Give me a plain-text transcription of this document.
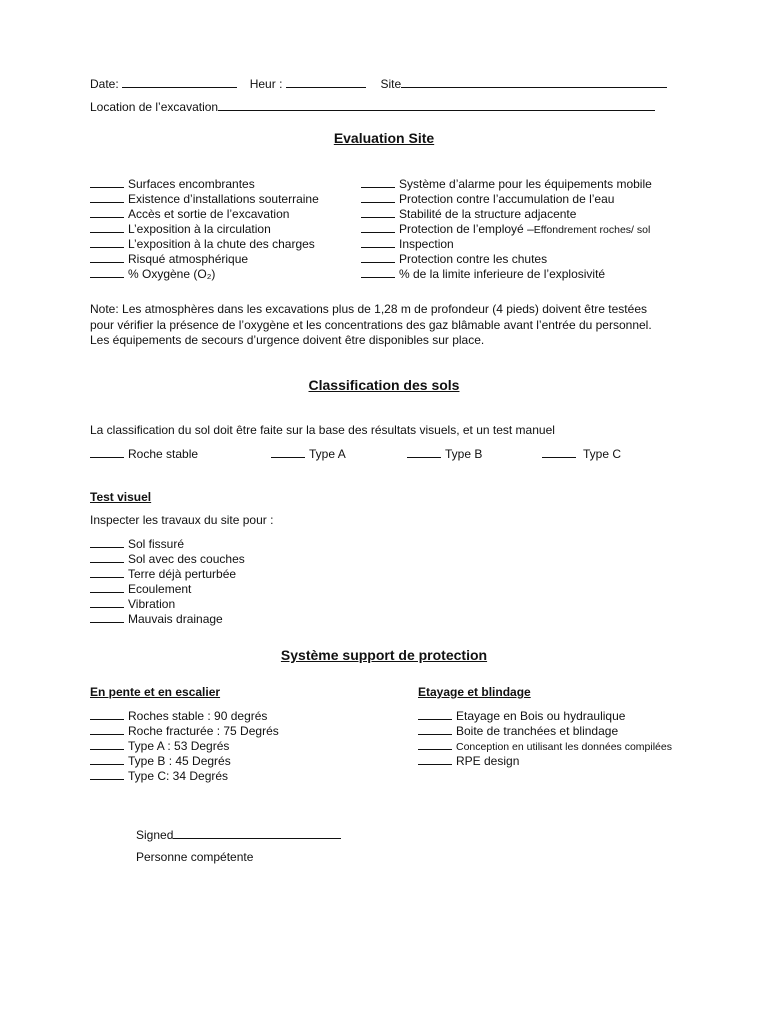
Date:	Heur :	Site
Location de l’excavation
Evaluation Site
Surfaces encombrantes
Existence d’installations souterraine
Accès et sortie de l’excavation
L’exposition à la circulation
L’exposition à la chute des charges
Risqué atmosphérique
% Oxygène (O₂)
Système d’alarme pour les équipements mobile
Protection contre l’accumulation de l’eau
Stabilité de la structure adjacente
Protection de l’employé –Effondrement roches/ sol
Inspection
Protection contre les chutes
% de la limite inferieure de l’explosivité
Note: Les atmosphères dans les excavations plus de 1,28 m de profondeur (4 pieds) doivent être testées
pour vérifier la présence de l’oxygène et les concentrations des gaz blâmable avant l’entrée du personnel.
Les équipements de secours d’urgence doivent être disponibles sur place.
Classification des sols
La classification du sol doit être faite sur la base des résultats visuels, et un test manuel
Roche stable	Type A	Type B	Type C
Test visuel
Inspecter les travaux du site pour :
Sol fissuré
Sol avec des couches
Terre déjà perturbée
Ecoulement
Vibration
Mauvais drainage
Système support de protection
En pente et en escalier
Roches stable : 90 degrés
Roche fracturée : 75 Degrés
Type A : 53 Degrés
Type B : 45 Degrés
Type C: 34 Degrés
Etayage et blindage
Etayage en Bois ou hydraulique
Boite de tranchées et blindage
Conception en utilisant les données compilées
RPE design
Signed
Personne compétente
